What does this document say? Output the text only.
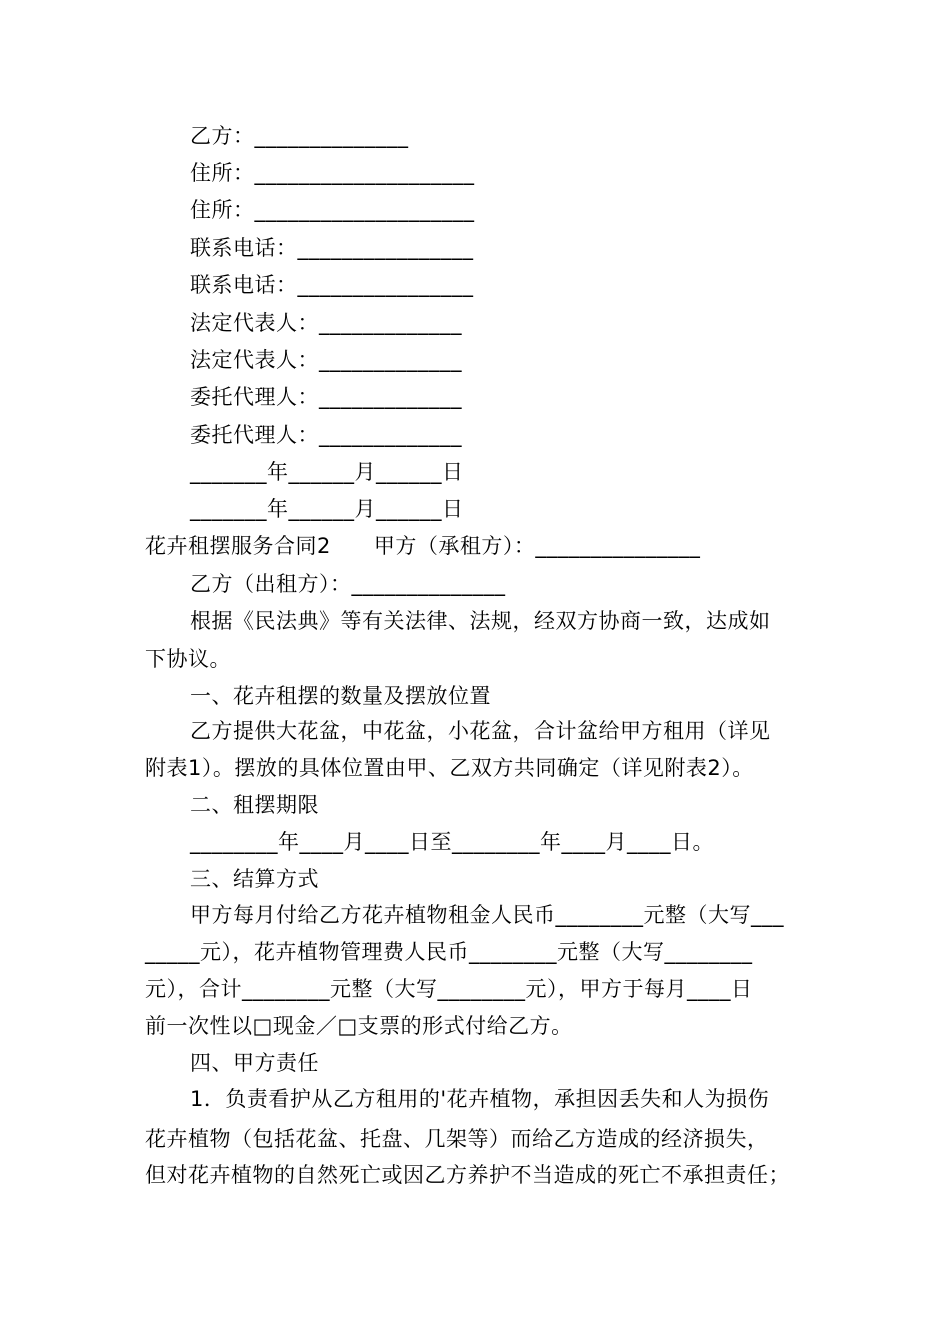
乙方：______________
住所：____________________
住所：____________________
联系电话：________________
联系电话：________________
法定代表人：_____________
法定代表人：_____________
委托代理人：_____________
委托代理人：_____________
_______年______月______日
_______年______月______日
花卉租摆服务合同2　　甲方（承租方）：_______________
乙方（出租方）：______________
根据《民法典》等有关法律、法规，经双方协商一致，达成如
下协议。
一、花卉租摆的数量及摆放位置
乙方提供大花盆，中花盆，小花盆，合计盆给甲方租用（详见
附表1）。摆放的具体位置由甲、乙双方共同确定（详见附表2）。
二、租摆期限
________年____月____日至________年____月____日。
三、结算方式
甲方每月付给乙方花卉植物租金人民币________元整（大写___
_____元），花卉植物管理费人民币________元整（大写________
元），合计________元整（大写________元），甲方于每月____日
前一次性以□现金／□支票的形式付给乙方。
四、甲方责任
1．负责看护从乙方租用的'花卉植物，承担因丢失和人为损伤
花卉植物（包括花盆、托盘、几架等）而给乙方造成的经济损失，
但对花卉植物的自然死亡或因乙方养护不当造成的死亡不承担责任；
